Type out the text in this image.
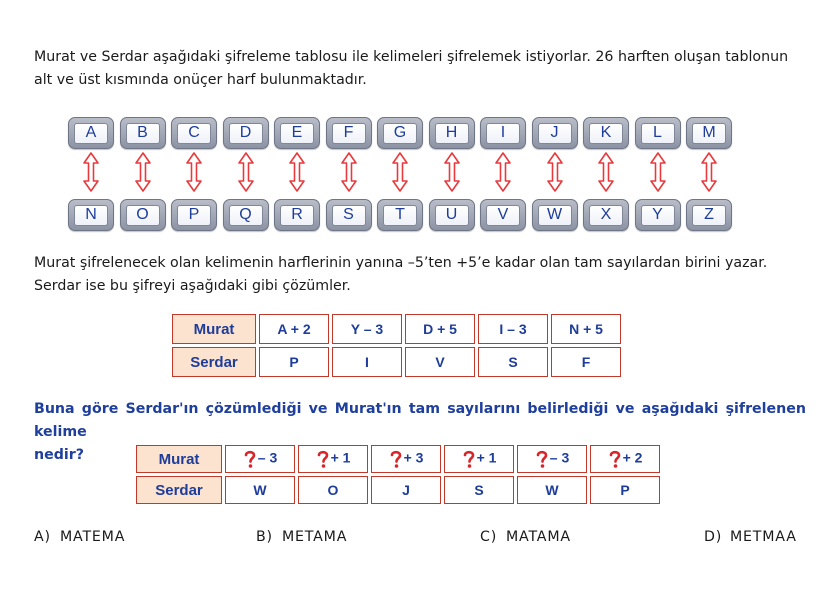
Murat ve Serdar aşağıdaki şifreleme tablosu ile kelimeleri şifrelemek istiyorlar. 26 harften oluşan tablonun
alt ve üst kısmında onüçer harf bulunmaktadır.
A	B	C	D	E	F	G	H	I	J	K	L	M
N	O	P	Q	R	S	T	U	V	W	X	Y	Z
Murat şifrelenecek olan kelimenin harflerinin yanına –5’ten +5’e kadar olan tam sayılardan birini yazar.
Serdar ise bu şifreyi aşağıdaki gibi çözümler.
Murat	A + 2	Y – 3	D + 5	I – 3	N + 5
Serdar	P	I	V	S	F
Buna göre Serdar'ın çözümlediği ve Murat'ın tam sayılarını belirlediği ve aşağıdaki şifrelenen kelime
nedir?	Murat	– 3	+ 1	+ 3	+ 1	– 3	+ 2
Serdar	W	O	J	S	W	P
A) MATEMA	B) METAMA	C) MATAMA	D) METMAA
